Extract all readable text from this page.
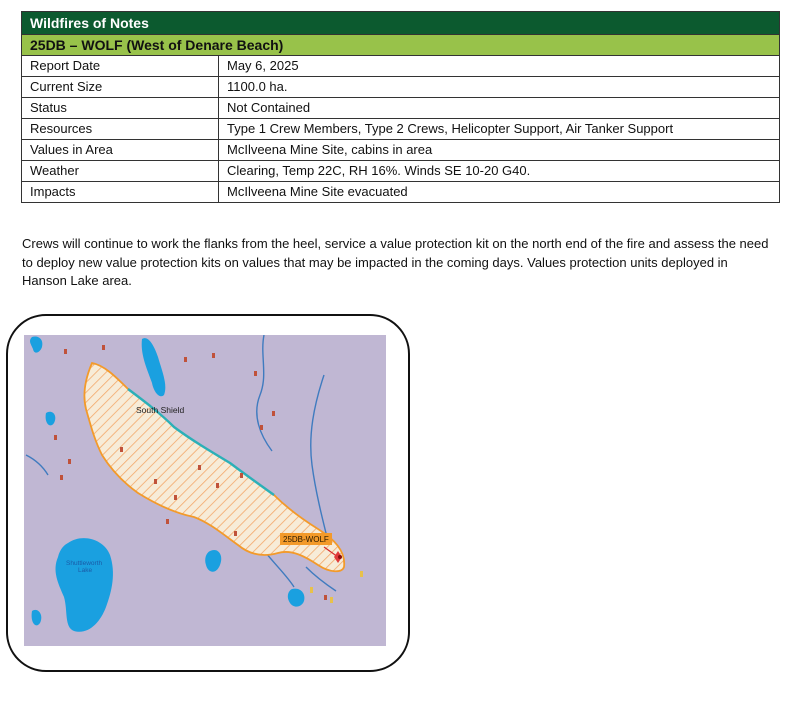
Wildfires of Notes	
25DB – WOLF (West of Denare Beach)	
Report Date	May 6, 2025
Current Size	1100.0 ha.
Status	Not Contained
Resources	Type 1 Crew Members, Type 2 Crews, Helicopter Support, Air Tanker Support
Values in Area	McIlveena Mine Site, cabins in area
Weather	Clearing, Temp 22C, RH 16%. Winds SE 10-20 G40.
Impacts	McIlveena Mine Site evacuated
Crews will continue to work the flanks from the heel, service a value protection kit on the north end of the fire and assess the need to deploy new value protection kits on values that may be impacted in the coming days. Values protection units deployed in Hanson Lake area.
South Shield
Shuttleworth
Lake
25DB-WOLF
